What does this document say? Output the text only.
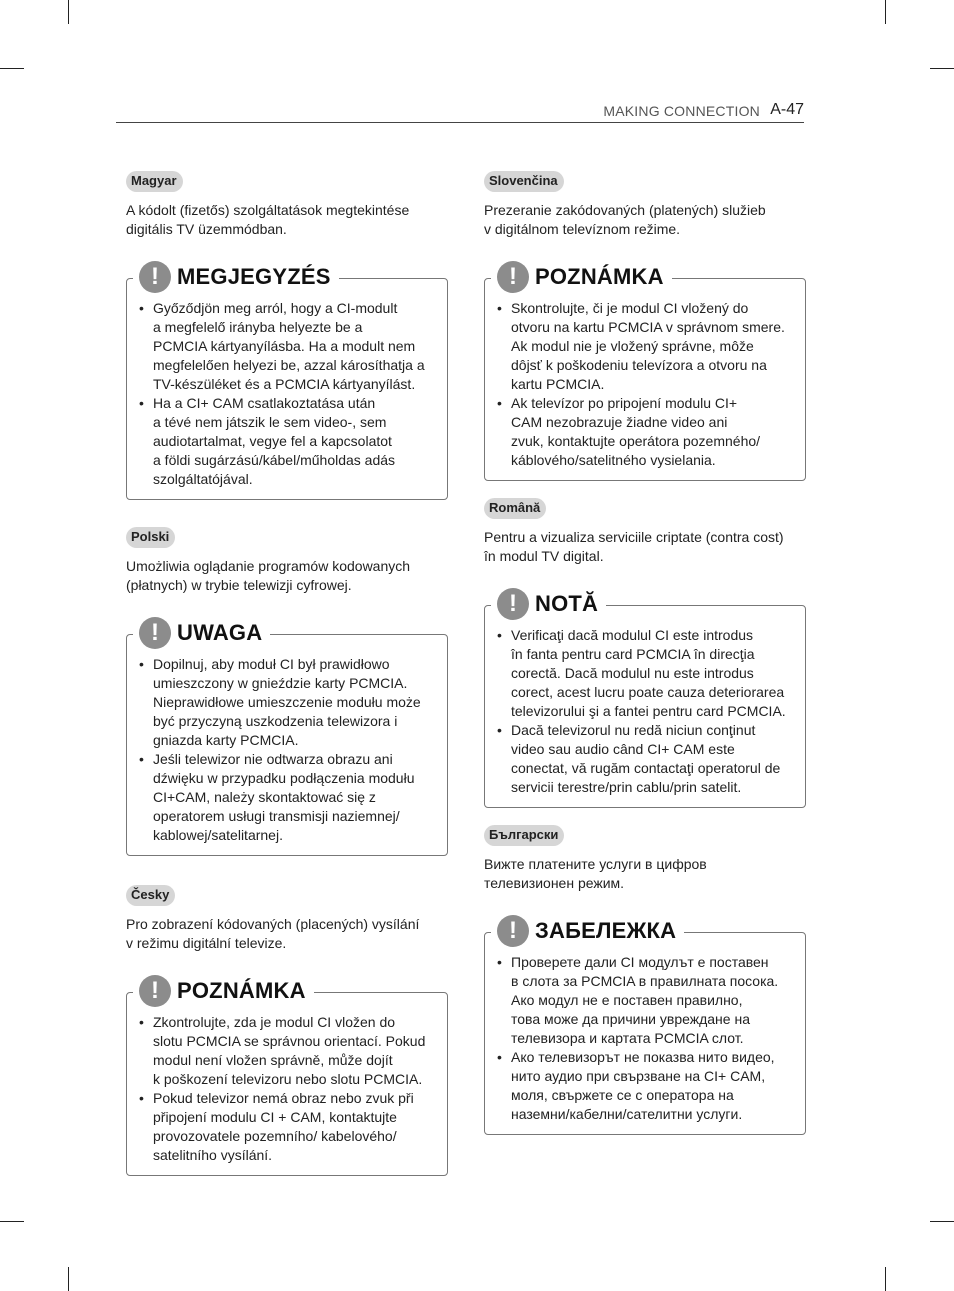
MAKING CONNECTION A-47
Magyar

A kódolt (fizetős) szolgáltatások megtekintése
digitális TV üzemmódban.

! MEGJEGYZÉS
• Győződjön meg arról, hogy a CI-modult
a megfelelő irányba helyezte be a
PCMCIA kártyanyílásba. Ha a modult nem
megfelelően helyezi be, azzal károsíthatja a
TV-készüléket és a PCMCIA kártyanyílást.
• Ha a CI+ CAM csatlakoztatása után
a tévé nem játszik le sem video-, sem
audiotartalmat, vegye fel a kapcsolatot
a földi sugárzású/kábel/műholdas adás
szolgáltatójával.
Polski

Umożliwia oglądanie programów kodowanych
(płatnych) w trybie telewizji cyfrowej.

! UWAGA
• Dopilnuj, aby moduł CI był prawidłowo
umieszczony w gnieździe karty PCMCIA.
Nieprawidłowe umieszczenie modułu może
być przyczyną uszkodzenia telewizora i
gniazda karty PCMCIA.
• Jeśli telewizor nie odtwarza obrazu ani
dźwięku w przypadku podłączenia modułu
CI+CAM, należy skontaktować się z
operatorem usługi transmisji naziemnej/
kablowej/satelitarnej.
Česky

Pro zobrazení kódovaných (placených) vysílání
v režimu digitální televize.

! POZNÁMKA
• Zkontrolujte, zda je modul CI vložen do
slotu PCMCIA se správnou orientací. Pokud
modul není vložen správně, může dojít
k poškození televizoru nebo slotu PCMCIA.
• Pokud televizor nemá obraz nebo zvuk při
připojení modulu CI + CAM, kontaktujte
provozovatele pozemního/ kabelového/
satelitního vysílání.
Slovenčina

Prezeranie zakódovaných (platených) služieb
v digitálnom televíznom režime.

! POZNÁMKA
• Skontrolujte, či je modul CI vložený do
otvoru na kartu PCMCIA v správnom smere.
Ak modul nie je vložený správne, môže
dôjsť k poškodeniu televízora a otvoru na
kartu PCMCIA.
• Ak televízor po pripojení modulu CI+
CAM nezobrazuje žiadne video ani
zvuk, kontaktujte operátora pozemného/
káblového/satelitného vysielania.
Română

Pentru a vizualiza serviciile criptate (contra cost)
în modul TV digital.

! NOTĂ
• Verificaţi dacă modulul CI este introdus
în fanta pentru card PCMCIA în direcţia
corectă. Dacă modulul nu este introdus
corect, acest lucru poate cauza deteriorarea
televizorului şi a fantei pentru card PCMCIA.
• Dacă televizorul nu redă niciun conţinut
video sau audio când CI+ CAM este
conectat, vă rugăm contactaţi operatorul de
servicii terestre/prin cablu/prin satelit.
Български

Вижте платените услуги в цифров
телевизионен режим.

! ЗАБЕЛЕЖКА
• Проверете дали CI модулът е поставен
в слота за PCMCIA в правилната посока.
Ако модул не е поставен правилно,
това може да причини увреждане на
телевизора и картата PCMCIA слот.
• Ако телевизорът не показва нито видео,
нито аудио при свързване на CI+ CAM,
моля, свържете се с оператора на
наземни/кабелни/сателитни услуги.
